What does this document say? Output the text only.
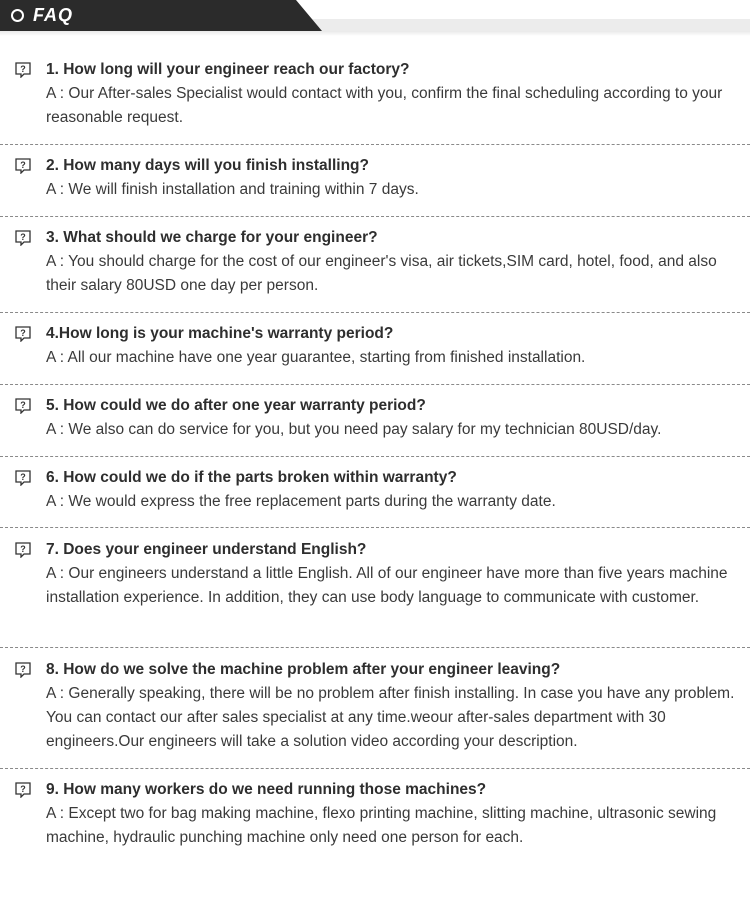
FAQ
? 1. How long will your engineer reach our factory?
A : Our After-sales Specialist would contact with you, confirm the final scheduling according to your reasonable request.
? 2. How many days will you finish installing?
A : We will finish installation and training within 7 days.
? 3. What should we charge for your engineer?
A : You should charge for the cost of our engineer's visa, air tickets,SIM card, hotel, food, and also their salary 80USD one day per person.
? 4.How long is your machine's warranty period?
A : All our machine have one year guarantee, starting from finished installation.
? 5. How could we do after one year warranty period?
A : We also can do service for you, but you need pay salary for my technician 80USD/day.
? 6. How could we do if the parts broken within warranty?
A : We would express the free replacement parts during the warranty date.
? 7. Does your engineer understand English?
A : Our engineers understand a little English. All of our engineer have more than five years machine installation experience. In addition, they can use body language to communicate with customer.
? 8. How do we solve the machine problem after your engineer leaving?
A : Generally speaking, there will be no problem after finish installing. In case you have any problem. You can contact our after sales specialist at any time.weour after-sales department with 30 engineers.Our engineers will take a solution video according your description.
? 9. How many workers do we need running those machines?
A : Except two for bag making machine, flexo printing machine, slitting machine, ultrasonic sewing machine, hydraulic punching machine only need one person for each.
